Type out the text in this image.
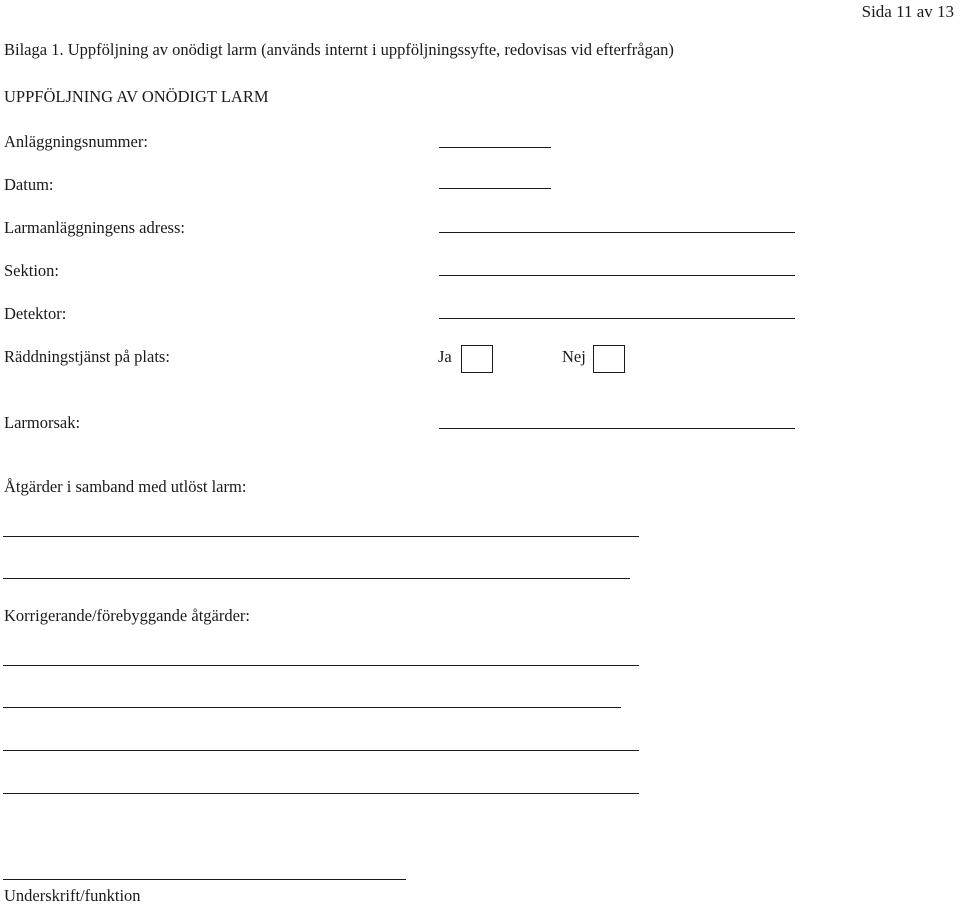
Sida 11 av 13
Bilaga 1. Uppföljning av onödigt larm (används internt i uppföljningssyfte, redovisas vid efterfrågan)
UPPFÖLJNING AV ONÖDIGT LARM
Anläggningsnummer:
Datum:
Larmanläggningens adress:
Sektion:
Detektor:
Räddningstjänst på plats:	Ja	Nej
Larmorsak:
Åtgärder i samband med utlöst larm:
Korrigerande/förebyggande åtgärder:
Underskrift/funktion
